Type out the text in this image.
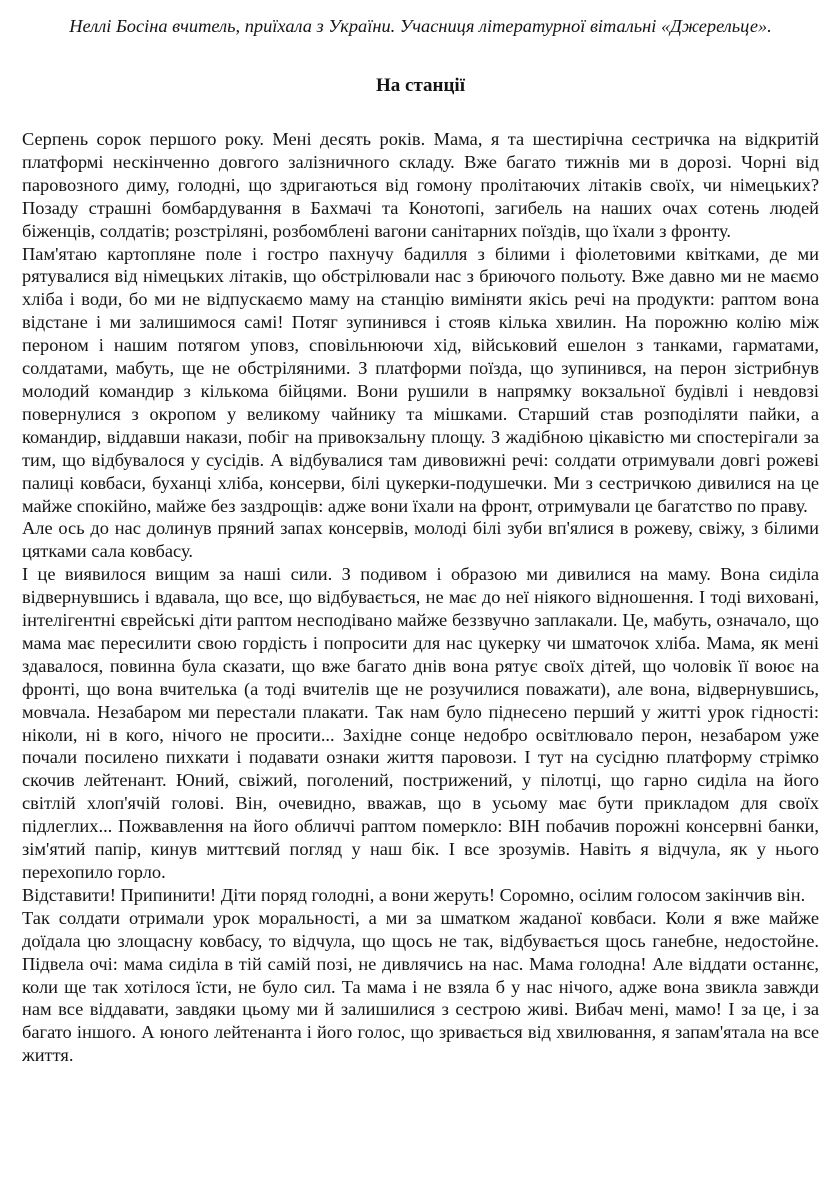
Неллі Босіна вчитель, приїхала з України. Учасниця літературної вітальні «Джерельце».

На станції

Серпень сорок першого року. Мені десять років. Мама, я та шестирічна сестричка на відкритій платформі нескінченно довгого залізничного складу. Вже багато тижнів ми в дорозі. Чорні від паровозного диму, голодні, що здригаються від гомону пролітаючих літаків своїх, чи німецьких? Позаду страшні бомбардування в Бахмачі та Конотопі, загибель на наших очах сотень людей біженців, солдатів; розстріляні, розбомблені вагони санітарних поїздів, що їхали з фронту.

Пам'ятаю картопляне поле і гостро пахнучу бадилля з білими і фіолетовими квітками, де ми рятувалися від німецьких літаків, що обстрілювали нас з бриючого польоту. Вже давно ми не маємо хліба і води, бо ми не відпускаємо маму на станцію виміняти якісь речі на продукти: раптом вона відстане і ми залишимося самі! Потяг зупинився і стояв кілька хвилин. На порожню колію між пероном і нашим потягом уповз, сповільнюючи хід, військовий ешелон з танками, гарматами, солдатами, мабуть, ще не обстріляними. З платформи поїзда, що зупинився, на перон зістрибнув молодий командир з кількома бійцями. Вони рушили в напрямку вокзальної будівлі і невдовзі повернулися з окропом у великому чайнику та мішками. Старший став розподіляти пайки, а командир, віддавши накази, побіг на привокзальну площу. З жадібною цікавістю ми спостерігали за тим, що відбувалося у сусідів. А відбувалися там дивовижні речі: солдати отримували довгі рожеві палиці ковбаси, буханці хліба, консерви, білі цукерки-подушечки. Ми з сестричкою дивилися на це майже спокійно, майже без заздрощів: адже вони їхали на фронт, отримували це багатство по праву.

Але ось до нас долинув пряний запах консервів, молоді білі зуби вп'ялися в рожеву, свіжу, з білими цятками сала ковбасу.

І це виявилося вищим за наші сили. З подивом і образою ми дивилися на маму. Вона сиділа відвернувшись і вдавала, що все, що відбувається, не має до неї ніякого відношення. І тоді виховані, інтелігентні єврейські діти раптом несподівано майже беззвучно заплакали. Це, мабуть, означало, що мама має пересилити свою гордість і попросити для нас цукерку чи шматочок хліба. Мама, як мені здавалося, повинна була сказати, що вже багато днів вона рятує своїх дітей, що чоловік її воює на фронті, що вона вчителька (а тоді вчителів ще не розучилися поважати), але вона, відвернувшись, мовчала. Незабаром ми перестали плакати. Так нам було піднесено перший у житті урок гідності: ніколи, ні в кого, нічого не просити... Західне сонце недобро освітлювало перон, незабаром уже почали посилено пихкати і подавати ознаки життя паровози. І тут на сусідню платформу стрімко скочив лейтенант. Юний, свіжий, поголений, пострижений, у пілотці, що гарно сиділа на його світлій хлоп'ячій голові. Він, очевидно, вважав, що в усьому має бути прикладом для своїх підлеглих... Пожвавлення на його обличчі раптом померкло: ВІН побачив порожні консервні банки, зім'ятий папір, кинув миттєвий погляд у наш бік. І все зрозумів. Навіть я відчула, як у нього перехопило горло.

Відставити! Припинити! Діти поряд голодні, а вони жеруть! Соромно, осілим голосом закінчив він.

Так солдати отримали урок моральності, а ми за шматком жаданої ковбаси. Коли я вже майже доїдала цю злощасну ковбасу, то відчула, що щось не так, відбувається щось ганебне, недостойне. Підвела очі: мама сиділа в тій самій позі, не дивлячись на нас. Мама голодна! Але віддати останнє, коли ще так хотілося їсти, не було сил. Та мама і не взяла б у нас нічого, адже вона звикла завжди нам все віддавати, завдяки цьому ми й залишилися з сестрою живі. Вибач мені, мамо! І за це, і за багато іншого. А юного лейтенанта і його голос, що зривається від хвилювання, я запам'ятала на все життя.
